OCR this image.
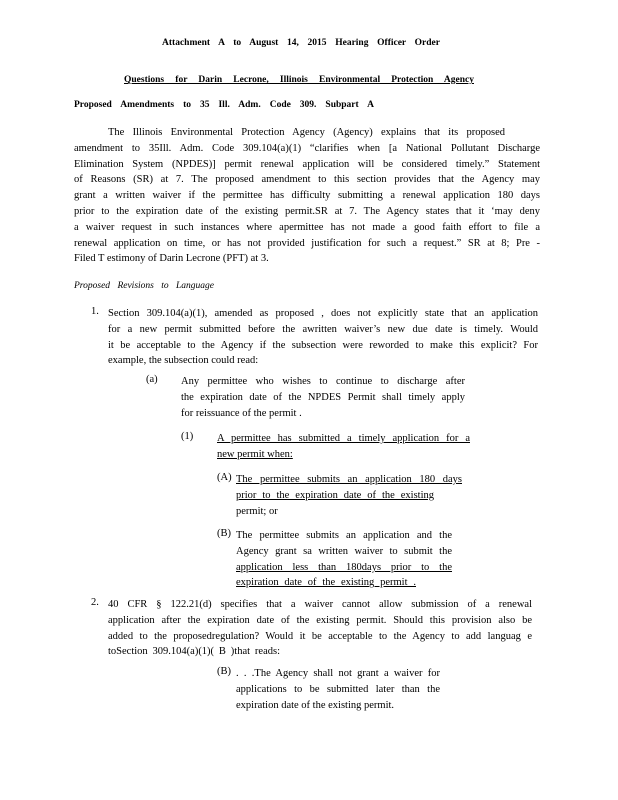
Attachment A to August 14, 2015 Hearing Officer Order
Questions for Darin Lecrone, Illinois Environmental Protection Agency
Proposed Amendments to 35 Ill. Adm. Code 309. Subpart A
The Illinois Environmental Protection Agency (Agency) explains that its proposed
amendment to 35Ill. Adm. Code 309.104(a)(1) “clarifies when [a National Pollutant Discharge
Elimination System (NPDES)] permit renewal application will be considered timely.” Statement
of Reasons (SR) at 7. The proposed amendment to this section provides that the Agency may
grant a written waiver if the permittee has difficulty submitting a renewal application 180 days
prior to the expiration date of the existing permit.SR at 7. The Agency states that it ‘may deny
a waiver request in such instances where apermittee has not made a good faith effort to file a
renewal application on time, or has not provided justification for such a request.” SR at 8; Pre -
Filed T estimony of Darin Lecrone (PFT) at 3.
Proposed Revisions to Language
1. Section 309.104(a)(1), amended as proposed , does not explicitly state that an application
for a new permit submitted before the awritten waiver’s new due date is timely. Would
it be acceptable to the Agency if the subsection were reworded to make this explicit? For
example, the subsection could read:
(a) Any permittee who wishes to continue to discharge after
the expiration date of the NPDES Permit shall timely apply
for reissuance of the permit .
(1) A permittee has submitted a timely application for a
new permit when:
(A) The permittee submits an application 180 days
prior to the expiration date of the existing
permit; or
(B) The permittee submits an application and the
Agency grant sa written waiver to submit the
application less than 180days prior to the
expiration date of the existing permit .
2. 40 CFR § 122.21(d) specifies that a waiver cannot allow submission of a renewal
application after the expiration date of the existing permit. Should this provision also be
added to the proposedregulation? Would it be acceptable to the Agency to add languag e
toSection 309.104(a)(1)( B )that reads:
(B) . . .The Agency shall not grant a waiver for
applications to be submitted later than the
expiration date of the existing permit.
